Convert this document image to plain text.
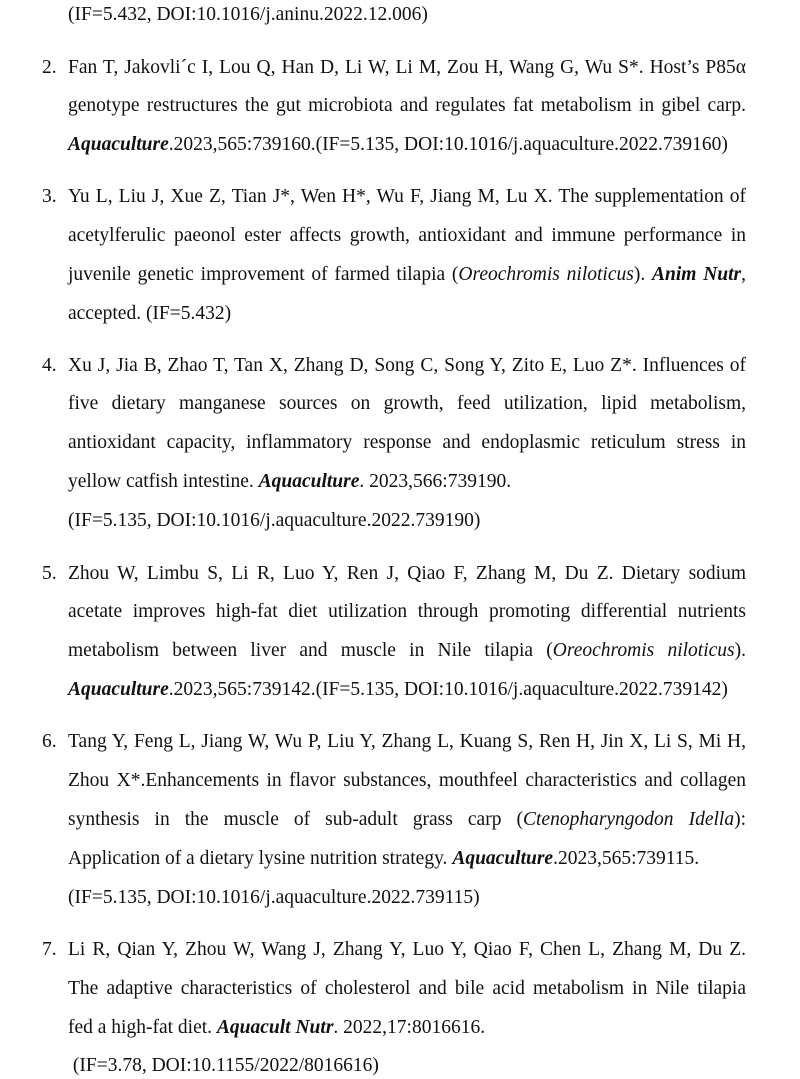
(IF=5.432, DOI:10.1016/j.aninu.2022.12.006)
2. Fan T, Jakovli´c I, Lou Q, Han D, Li W, Li M, Zou H, Wang G, Wu S*. Host’s P85α
genotype restructures the gut microbiota and regulates fat metabolism in gibel carp.
Aquaculture.2023,565:739160.(IF=5.135, DOI:10.1016/j.aquaculture.2022.739160)
3. Yu L, Liu J, Xue Z, Tian J*, Wen H*, Wu F, Jiang M, Lu X. The supplementation of
acetylferulic paeonol ester affects growth, antioxidant and immune performance in
juvenile genetic improvement of farmed tilapia (Oreochromis niloticus). Anim Nutr,
accepted. (IF=5.432)
4. Xu J, Jia B, Zhao T, Tan X, Zhang D, Song C, Song Y, Zito E, Luo Z*. Influences of
five dietary manganese sources on growth, feed utilization, lipid metabolism,
antioxidant capacity, inflammatory response and endoplasmic reticulum stress in
yellow catfish intestine. Aquaculture. 2023,566:739190.
(IF=5.135, DOI:10.1016/j.aquaculture.2022.739190)
5. Zhou W, Limbu S, Li R, Luo Y, Ren J, Qiao F, Zhang M, Du Z. Dietary sodium
acetate improves high-fat diet utilization through promoting differential nutrients
metabolism between liver and muscle in Nile tilapia (Oreochromis niloticus).
Aquaculture.2023,565:739142.(IF=5.135, DOI:10.1016/j.aquaculture.2022.739142)
6. Tang Y, Feng L, Jiang W, Wu P, Liu Y, Zhang L, Kuang S, Ren H, Jin X, Li S, Mi H,
Zhou X*.Enhancements in flavor substances, mouthfeel characteristics and collagen
synthesis in the muscle of sub-adult grass carp (Ctenopharyngodon Idella):
Application of a dietary lysine nutrition strategy. Aquaculture.2023,565:739115.
(IF=5.135, DOI:10.1016/j.aquaculture.2022.739115)
7. Li R, Qian Y, Zhou W, Wang J, Zhang Y, Luo Y, Qiao F, Chen L, Zhang M, Du Z.
The adaptive characteristics of cholesterol and bile acid metabolism in Nile tilapia
fed a high-fat diet. Aquacult Nutr. 2022,17:8016616.
(IF=3.78, DOI:10.1155/2022/8016616)
